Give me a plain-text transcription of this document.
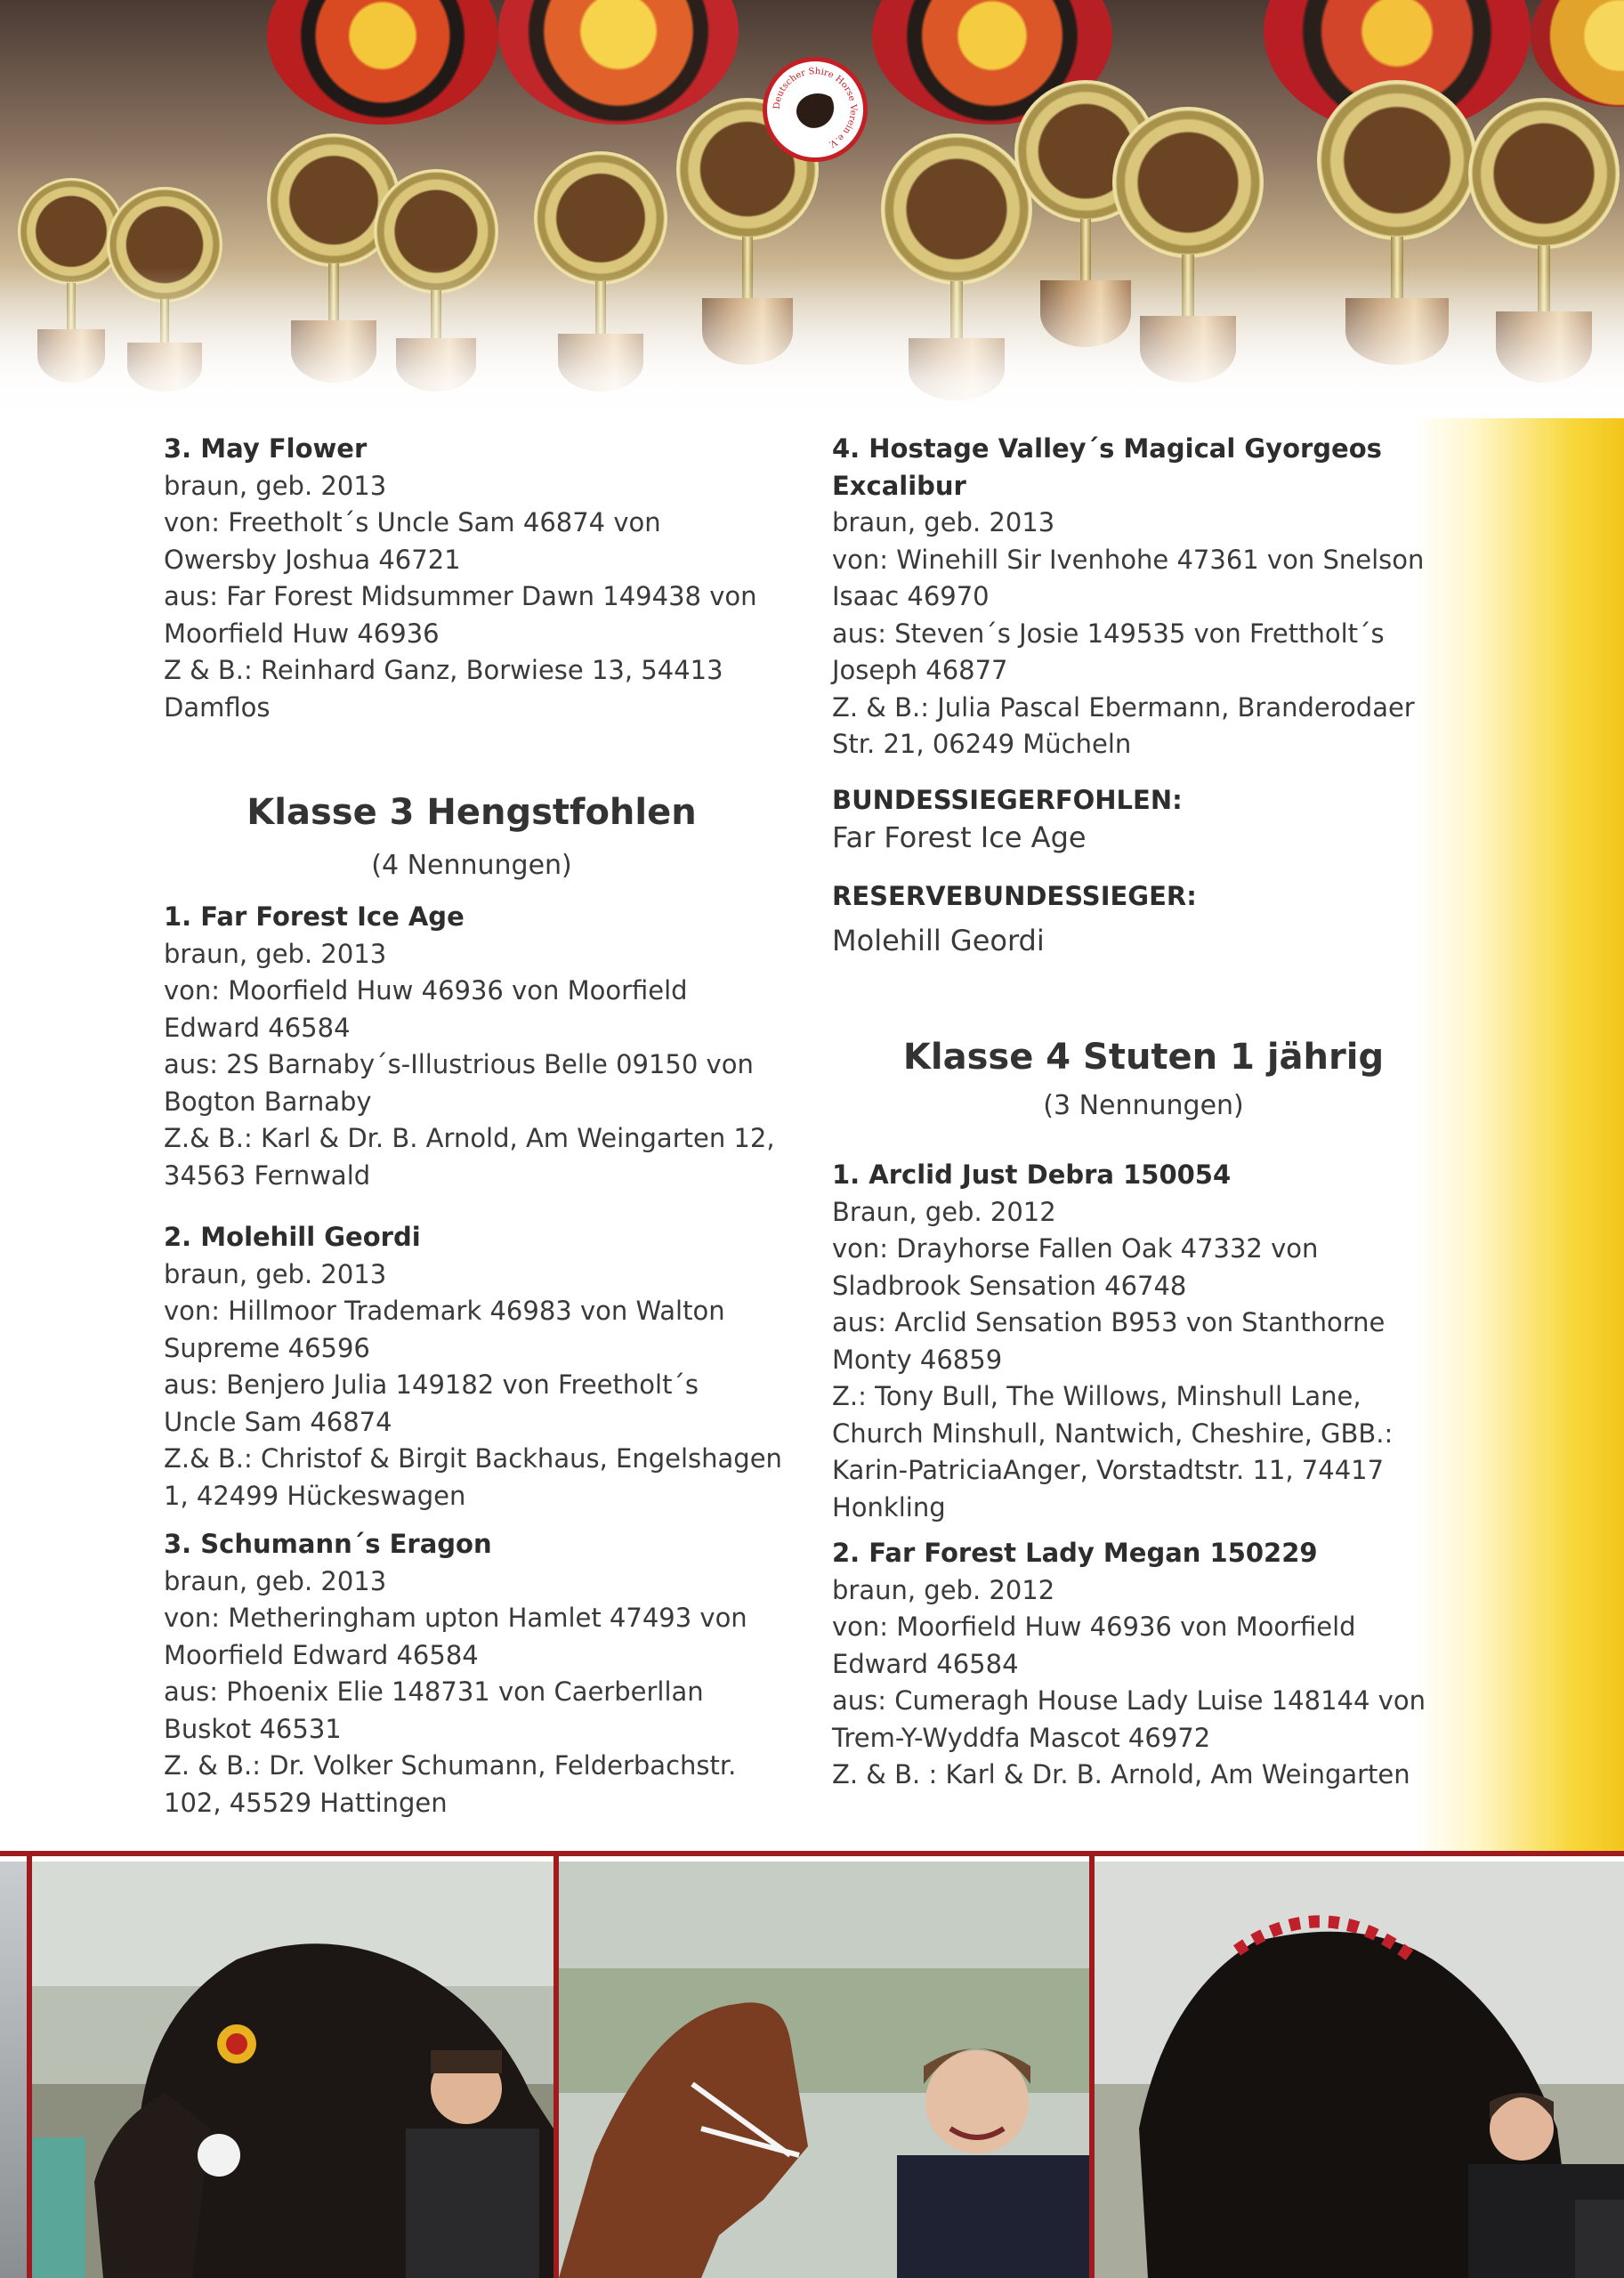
Deutscher Shire Horse Verein e.V.
3. May Flower
braun, geb. 2013
von: Freetholt´s Uncle Sam 46874 von
Owersby Joshua 46721
aus: Far Forest Midsummer Dawn 149438 von
Moorfield Huw 46936
Z & B.: Reinhard Ganz, Borwiese 13, 54413
Damflos
Klasse 3 Hengstfohlen
(4 Nennungen)
1. Far Forest Ice Age
braun, geb. 2013
von: Moorfield Huw 46936 von Moorfield
Edward 46584
aus: 2S Barnaby´s-Illustrious Belle 09150 von
Bogton Barnaby
Z.& B.: Karl & Dr. B. Arnold, Am Weingarten 12,
34563 Fernwald
2. Molehill Geordi
braun, geb. 2013
von: Hillmoor Trademark 46983 von Walton
Supreme 46596
aus: Benjero Julia 149182 von Freetholt´s
Uncle Sam 46874
Z.& B.: Christof & Birgit Backhaus, Engelshagen
1, 42499 Hückeswagen
3. Schumann´s Eragon
braun, geb. 2013
von: Metheringham upton Hamlet 47493 von
Moorfield Edward 46584
aus: Phoenix Elie 148731 von Caerberllan
Buskot 46531
Z. & B.: Dr. Volker Schumann, Felderbachstr.
102, 45529 Hattingen
4. Hostage Valley´s Magical Gyorgeos
Excalibur
braun, geb. 2013
von: Winehill Sir Ivenhohe 47361 von Snelson
Isaac 46970
aus: Steven´s Josie 149535 von Frettholt´s
Joseph 46877
Z. & B.: Julia Pascal Ebermann, Branderodaer
Str. 21, 06249 Mücheln
BUNDESSIEGERFOHLEN:
Far Forest Ice Age
RESERVEBUNDESSIEGER:
Molehill Geordi
Klasse 4 Stuten 1 jährig
(3 Nennungen)
1. Arclid Just Debra 150054
Braun, geb. 2012
von: Drayhorse Fallen Oak 47332 von
Sladbrook Sensation 46748
aus: Arclid Sensation B953 von Stanthorne
Monty 46859
Z.: Tony Bull, The Willows, Minshull Lane,
Church Minshull, Nantwich, Cheshire, GBB.:
Karin-PatriciaAnger, Vorstadtstr. 11, 74417
Honkling
2. Far Forest Lady Megan 150229
braun, geb. 2012
von: Moorfield Huw 46936 von Moorfield
Edward 46584
aus: Cumeragh House Lady Luise 148144 von
Trem-Y-Wyddfa Mascot 46972
Z. & B. : Karl & Dr. B. Arnold, Am Weingarten
